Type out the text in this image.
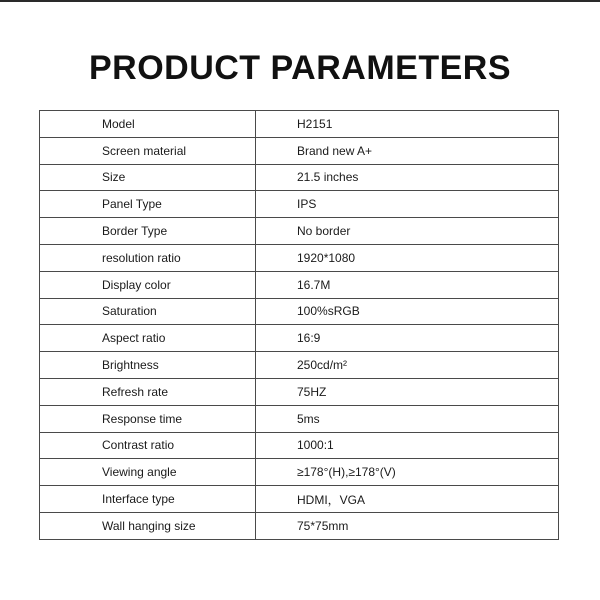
PRODUCT PARAMETERS
Model	H2151
Screen material	Brand new A+
Size	21.5 inches
Panel Type	IPS
Border Type	No border
resolution ratio	1920*1080
Display color	16.7M
Saturation	100%sRGB
Aspect ratio	16:9
Brightness	250cd/m²
Refresh rate	75HZ
Response time	5ms
Contrast ratio	1000:1
Viewing angle	≥178°(H),≥178°(V)
Interface type	HDMI，VGA
Wall hanging size	75*75mm
